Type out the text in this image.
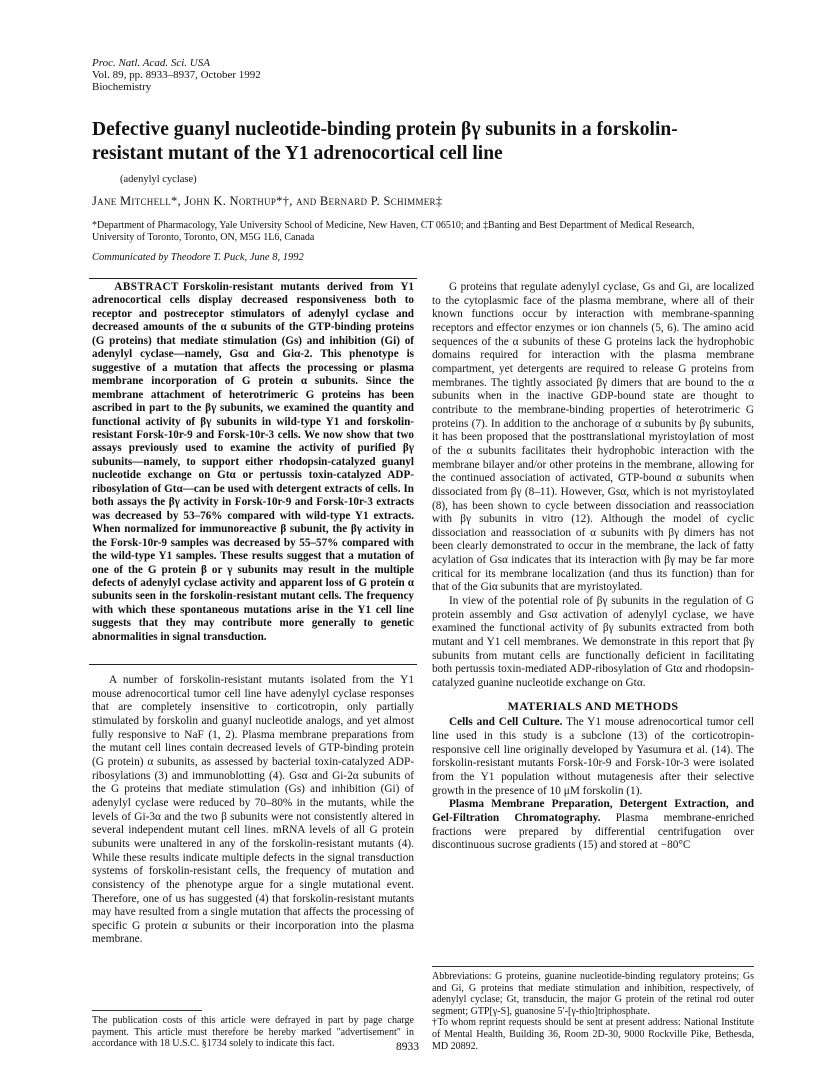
Proc. Natl. Acad. Sci. USA
Vol. 89, pp. 8933–8937, October 1992
Biochemistry
Defective guanyl nucleotide-binding protein βγ subunits in a forskolin-resistant mutant of the Y1 adrenocortical cell line
(adenylyl cyclase)
Jane Mitchell*, John K. Northup*†, and Bernard P. Schimmer‡
*Department of Pharmacology, Yale University School of Medicine, New Haven, CT 06510; and ‡Banting and Best Department of Medical Research, University of Toronto, Toronto, ON, M5G 1L6, Canada
Communicated by Theodore T. Puck, June 8, 1992
ABSTRACT Forskolin-resistant mutants derived from Y1 adrenocortical cells display decreased responsiveness both to receptor and postreceptor stimulators of adenylyl cyclase and decreased amounts of the α subunits of the GTP-binding proteins (G proteins) that mediate stimulation (Gs) and inhibition (Gi) of adenylyl cyclase—namely, Gsα and Giα-2. This phenotype is suggestive of a mutation that affects the processing or plasma membrane incorporation of G protein α subunits. Since the membrane attachment of heterotrimeric G proteins has been ascribed in part to the βγ subunits, we examined the quantity and functional activity of βγ subunits in wild-type Y1 and forskolin-resistant Forsk-10r-9 and Forsk-10r-3 cells. We now show that two assays previously used to examine the activity of purified βγ subunits—namely, to support either rhodopsin-catalyzed guanyl nucleotide exchange on Gtα or pertussis toxin-catalyzed ADP-ribosylation of Gtα—can be used with detergent extracts of cells. In both assays the βγ activity in Forsk-10r-9 and Forsk-10r-3 extracts was decreased by 53–76% compared with wild-type Y1 extracts. When normalized for immunoreactive β subunit, the βγ activity in the Forsk-10r-9 samples was decreased by 55–57% compared with the wild-type Y1 samples. These results suggest that a mutation of one of the G protein β or γ subunits may result in the multiple defects of adenylyl cyclase activity and apparent loss of G protein α subunits seen in the forskolin-resistant mutant cells. The frequency with which these spontaneous mutations arise in the Y1 cell line suggests that they may contribute more generally to genetic abnormalities in signal transduction.

A number of forskolin-resistant mutants isolated from the Y1 mouse adrenocortical tumor cell line have adenylyl cyclase responses that are completely insensitive to corticotropin, only partially stimulated by forskolin and guanyl nucleotide analogs, and yet almost fully responsive to NaF (1, 2). Plasma membrane preparations from the mutant cell lines contain decreased levels of GTP-binding protein (G protein) α subunits, as assessed by bacterial toxin-catalyzed ADP-ribosylations (3) and immunoblotting (4). Gsα and Gi-2α subunits of the G proteins that mediate stimulation (Gs) and inhibition (Gi) of adenylyl cyclase were reduced by 70–80% in the mutants, while the levels of Gi-3α and the two β subunits were not consistently altered in several independent mutant cell lines. mRNA levels of all G protein subunits were unaltered in any of the forskolin-resistant mutants (4). While these results indicate multiple defects in the signal transduction systems of forskolin-resistant cells, the frequency of mutation and consistency of the phenotype argue for a single mutational event. Therefore, one of us has suggested (4) that forskolin-resistant mutants may have resulted from a single mutation that affects the processing of specific G protein α subunits or their incorporation into the plasma membrane.

G proteins that regulate adenylyl cyclase, Gs and Gi, are localized to the cytoplasmic face of the plasma membrane, where all of their known functions occur by interaction with membrane-spanning receptors and effector enzymes or ion channels (5, 6). The amino acid sequences of the α subunits of these G proteins lack the hydrophobic domains required for interaction with the plasma membrane compartment, yet detergents are required to release G proteins from membranes. The tightly associated βγ dimers that are bound to the α subunits when in the inactive GDP-bound state are thought to contribute to the membrane-binding properties of heterotrimeric G proteins (7). In addition to the anchorage of α subunits by βγ subunits, it has been proposed that the posttranslational myristoylation of most of the α subunits facilitates their hydrophobic interaction with the membrane bilayer and/or other proteins in the membrane, allowing for the continued association of activated, GTP-bound α subunits when dissociated from βγ (8–11). However, Gsα, which is not myristoylated (8), has been shown to cycle between dissociation and reassociation with βγ subunits in vitro (12). Although the model of cyclic dissociation and reassociation of α subunits with βγ dimers has not been clearly demonstrated to occur in the membrane, the lack of fatty acylation of Gsα indicates that its interaction with βγ may be far more critical for its membrane localization (and thus its function) than for that of the Giα subunits that are myristoylated.

In view of the potential role of βγ subunits in the regulation of G protein assembly and Gsα activation of adenylyl cyclase, we have examined the functional activity of βγ subunits extracted from both mutant and Y1 cell membranes. We demonstrate in this report that βγ subunits from mutant cells are functionally deficient in facilitating both pertussis toxin-mediated ADP-ribosylation of Gtα and rhodopsin-catalyzed guanine nucleotide exchange on Gtα.

MATERIALS AND METHODS

Cells and Cell Culture. The Y1 mouse adrenocortical tumor cell line used in this study is a subclone (13) of the corticotropin-responsive cell line originally developed by Yasumura et al. (14). The forskolin-resistant mutants Forsk-10r-9 and Forsk-10r-3 were isolated from the Y1 population without mutagenesis after their selective growth in the presence of 10 μM forskolin (1).

Plasma Membrane Preparation, Detergent Extraction, and Gel-Filtration Chromatography. Plasma membrane-enriched fractions were prepared by differential centrifugation over discontinuous sucrose gradients (15) and stored at −80°C

The publication costs of this article were defrayed in part by page charge payment. This article must therefore be hereby marked "advertisement" in accordance with 18 U.S.C. §1734 solely to indicate this fact.

Abbreviations: G proteins, guanine nucleotide-binding regulatory proteins; Gs and Gi, G proteins that mediate stimulation and inhibition, respectively, of adenylyl cyclase; Gt, transducin, the major G protein of the retinal rod outer segment; GTP[γ-S], guanosine 5′-[γ-thio]triphosphate.

†To whom reprint requests should be sent at present address: National Institute of Mental Health, Building 36, Room 2D-30, 9000 Rockville Pike, Bethesda, MD 20892.

8933
